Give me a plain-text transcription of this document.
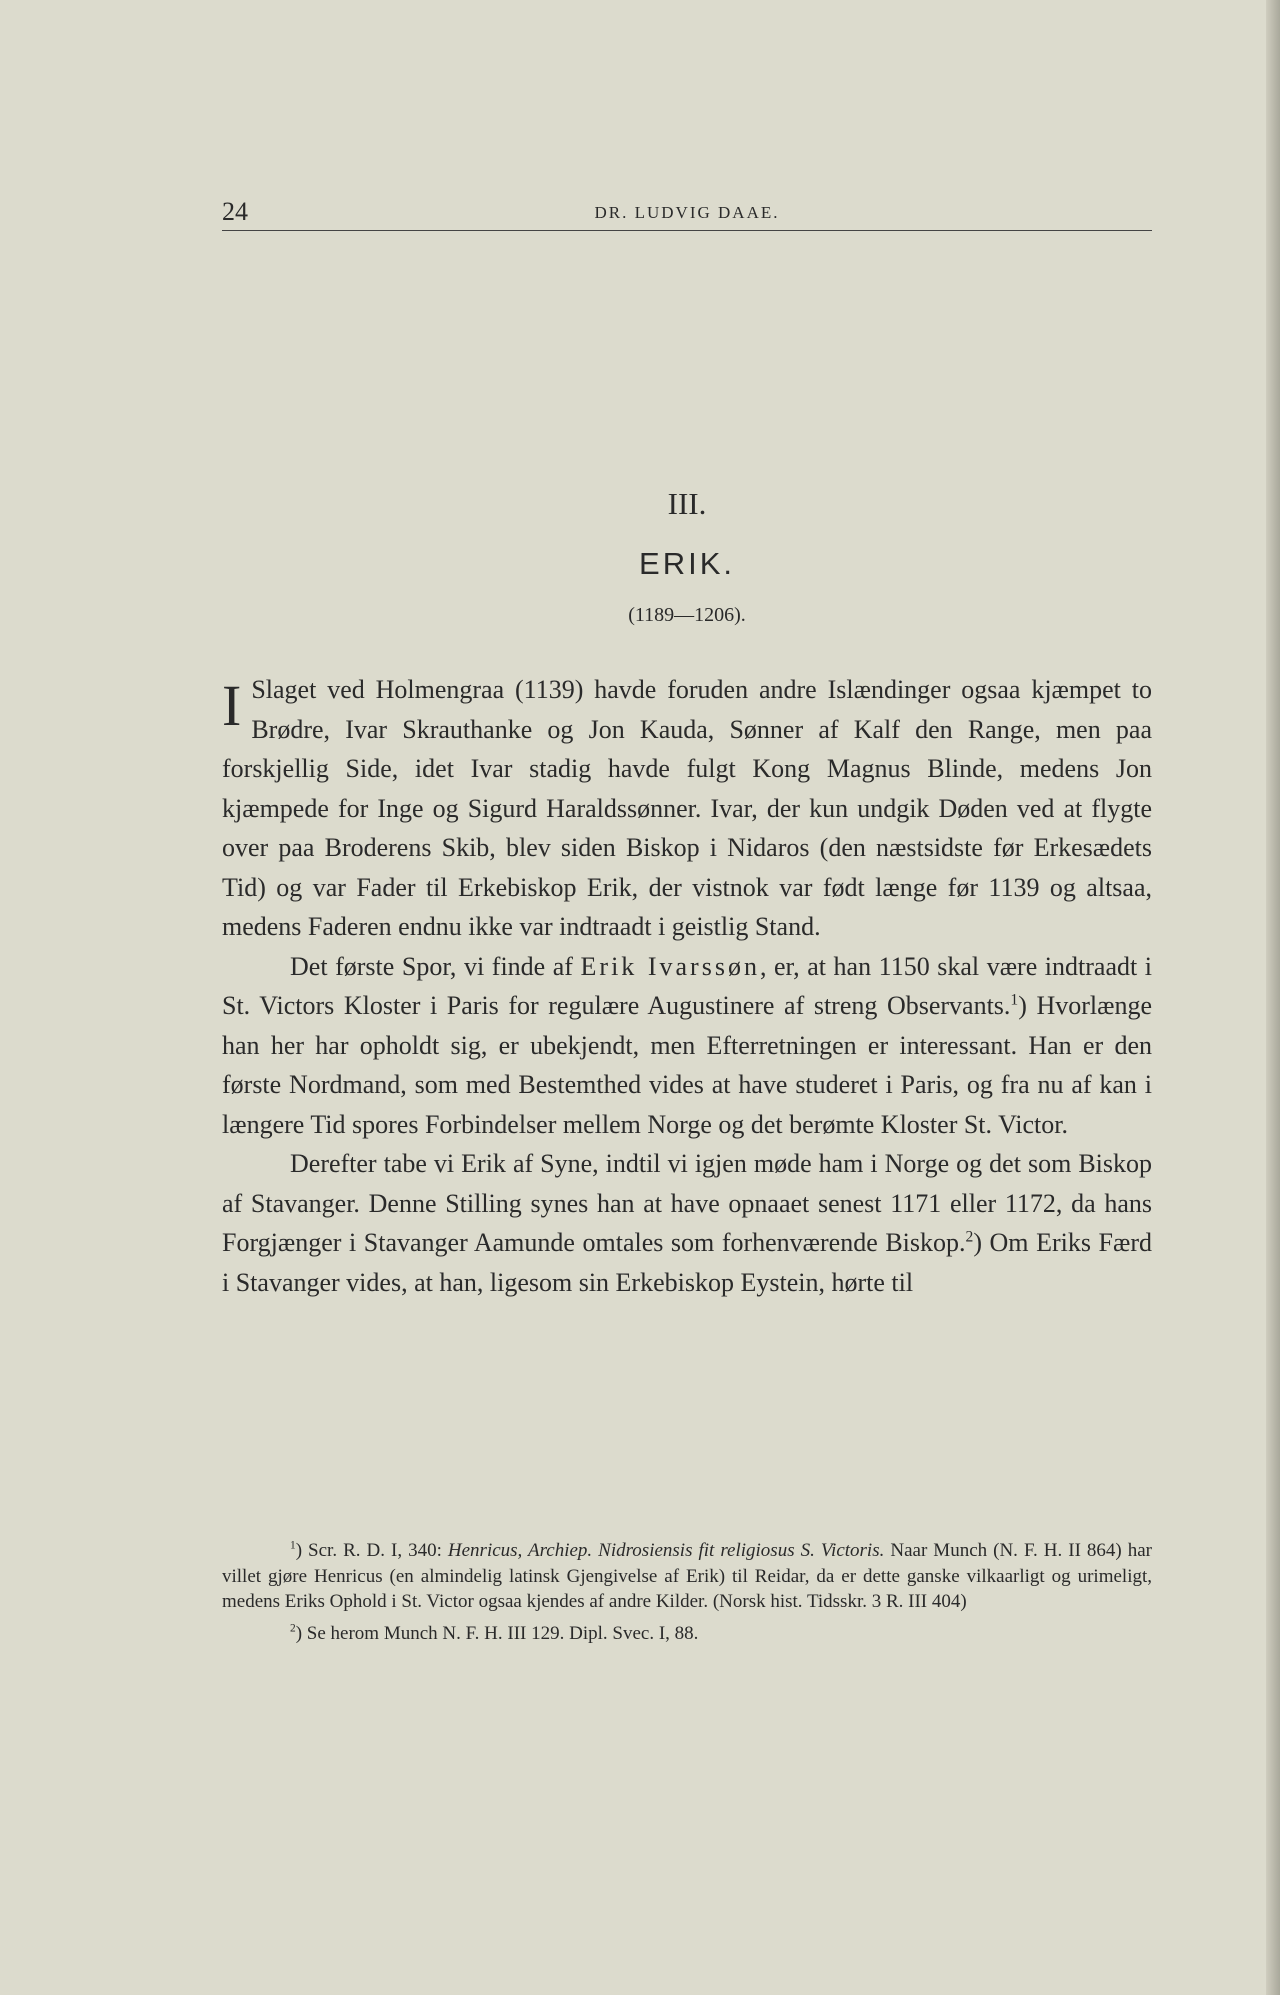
24	DR. LUDVIG DAAE.
III.
ERIK.
(1189—1206).

I Slaget ved Holmengraa (1139) havde foruden andre Islændinger ogsaa kjæmpet to Brødre, Ivar Skrauthanke og Jon Kauda, Sønner af Kalf den Range, men paa forskjellig Side, idet Ivar stadig havde fulgt Kong Magnus Blinde, medens Jon kjæmpede for Inge og Sigurd Haraldssønner. Ivar, der kun undgik Døden ved at flygte over paa Broderens Skib, blev siden Biskop i Nidaros (den næstsidste før Erkesædets Tid) og var Fader til Erkebiskop Erik, der vistnok var født længe før 1139 og altsaa, medens Faderen endnu ikke var indtraadt i geistlig Stand.

Det første Spor, vi finde af Erik Ivarssøn, er, at han 1150 skal være indtraadt i St. Victors Kloster i Paris for regulære Augustinere af streng Observants.$^1$) Hvorlænge han her har opholdt sig, er ubekjendt, men Efterretningen er interessant. Han er den første Nordmand, som med Bestemthed vides at have studeret i Paris, og fra nu af kan i længere Tid spores Forbindelser mellem Norge og det berømte Kloster St. Victor.

Derefter tabe vi Erik af Syne, indtil vi igjen møde ham i Norge og det som Biskop af Stavanger. Denne Stilling synes han at have opnaaet senest 1171 eller 1172, da hans Forgjænger i Stavanger Aamunde omtales som forhenværende Biskop.$^2$) Om Eriks Færd i Stavanger vides, at han, ligesom sin Erkebiskop Eystein, hørte til

$^1$) Scr. R. D. I, 340: Henricus, Archiep. Nidrosiensis fit religiosus S. Victoris. Naar Munch (N. F. H. II 864) har villet gjøre Henricus (en almindelig latinsk Gjengivelse af Erik) til Reidar, da er dette ganske vilkaarligt og urimeligt, medens Eriks Ophold i St. Victor ogsaa kjendes af andre Kilder. (Norsk hist. Tidsskr. 3 R. III 404)

$^2$) Se herom Munch N. F. H. III 129. Dipl. Svec. I, 88.
